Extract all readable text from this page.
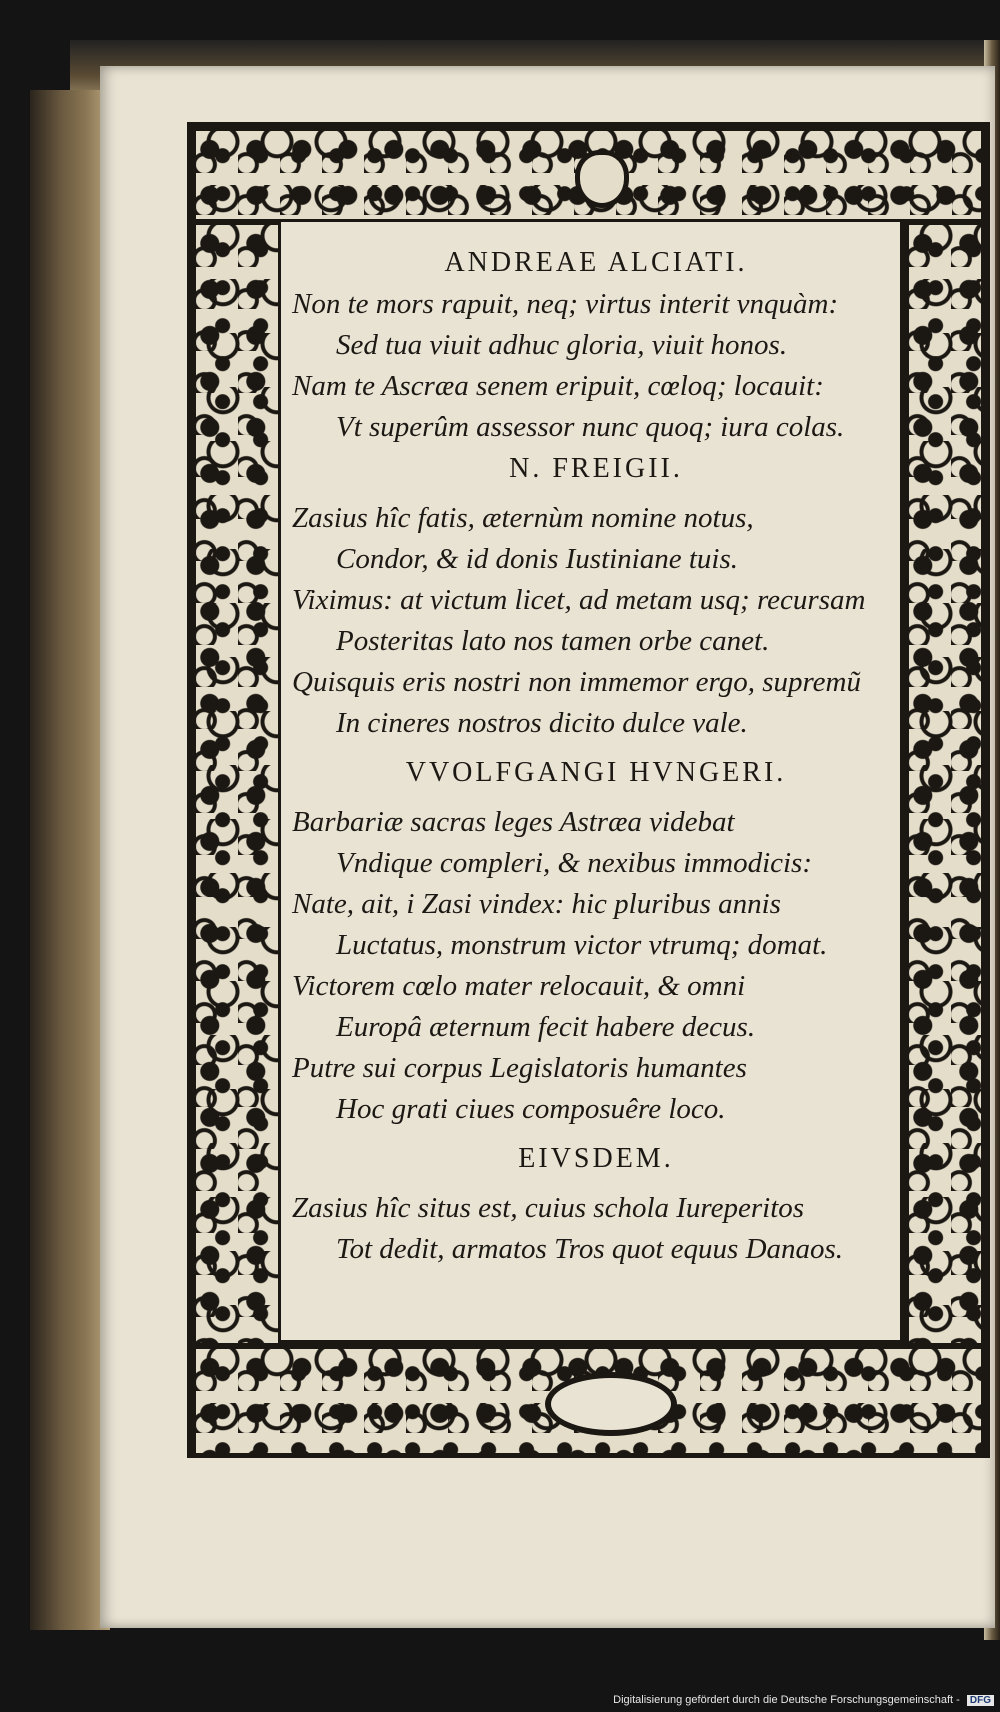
ANDREAE ALCIATI.
Non te mors rapuit, neq; virtus interit vnquàm:
Sed tua viuit adhuc gloria, viuit honos.
Nam te Ascræa senem eripuit, cœloq; locauit:
Vt superûm assessor nunc quoq; iura colas.
N. FREIGII.
Zasius hîc fatis, æternùm nomine notus,
Condor, & id donis Iustiniane tuis.
Viximus: at victum licet, ad metam usq; recursam
Posteritas lato nos tamen orbe canet.
Quisquis eris nostri non immemor ergo, supremũ
In cineres nostros dicito dulce vale.
VVOLFGANGI HVNGERI.
Barbariæ sacras leges Astræa videbat
Vndique compleri, & nexibus immodicis:
Nate, ait, i Zasi vindex: hic pluribus annis
Luctatus, monstrum victor vtrumq; domat.
Victorem cœlo mater relocauit, & omni
Europâ æternum fecit habere decus.
Putre sui corpus Legislatoris humantes
Hoc grati ciues composuêre loco.
EIVSDEM.
Zasius hîc situs est, cuius schola Iureperitos
Tot dedit, armatos Tros quot equus Danaos.
Digitalisierung gefördert durch die Deutsche Forschungsgemeinschaft - DFG
